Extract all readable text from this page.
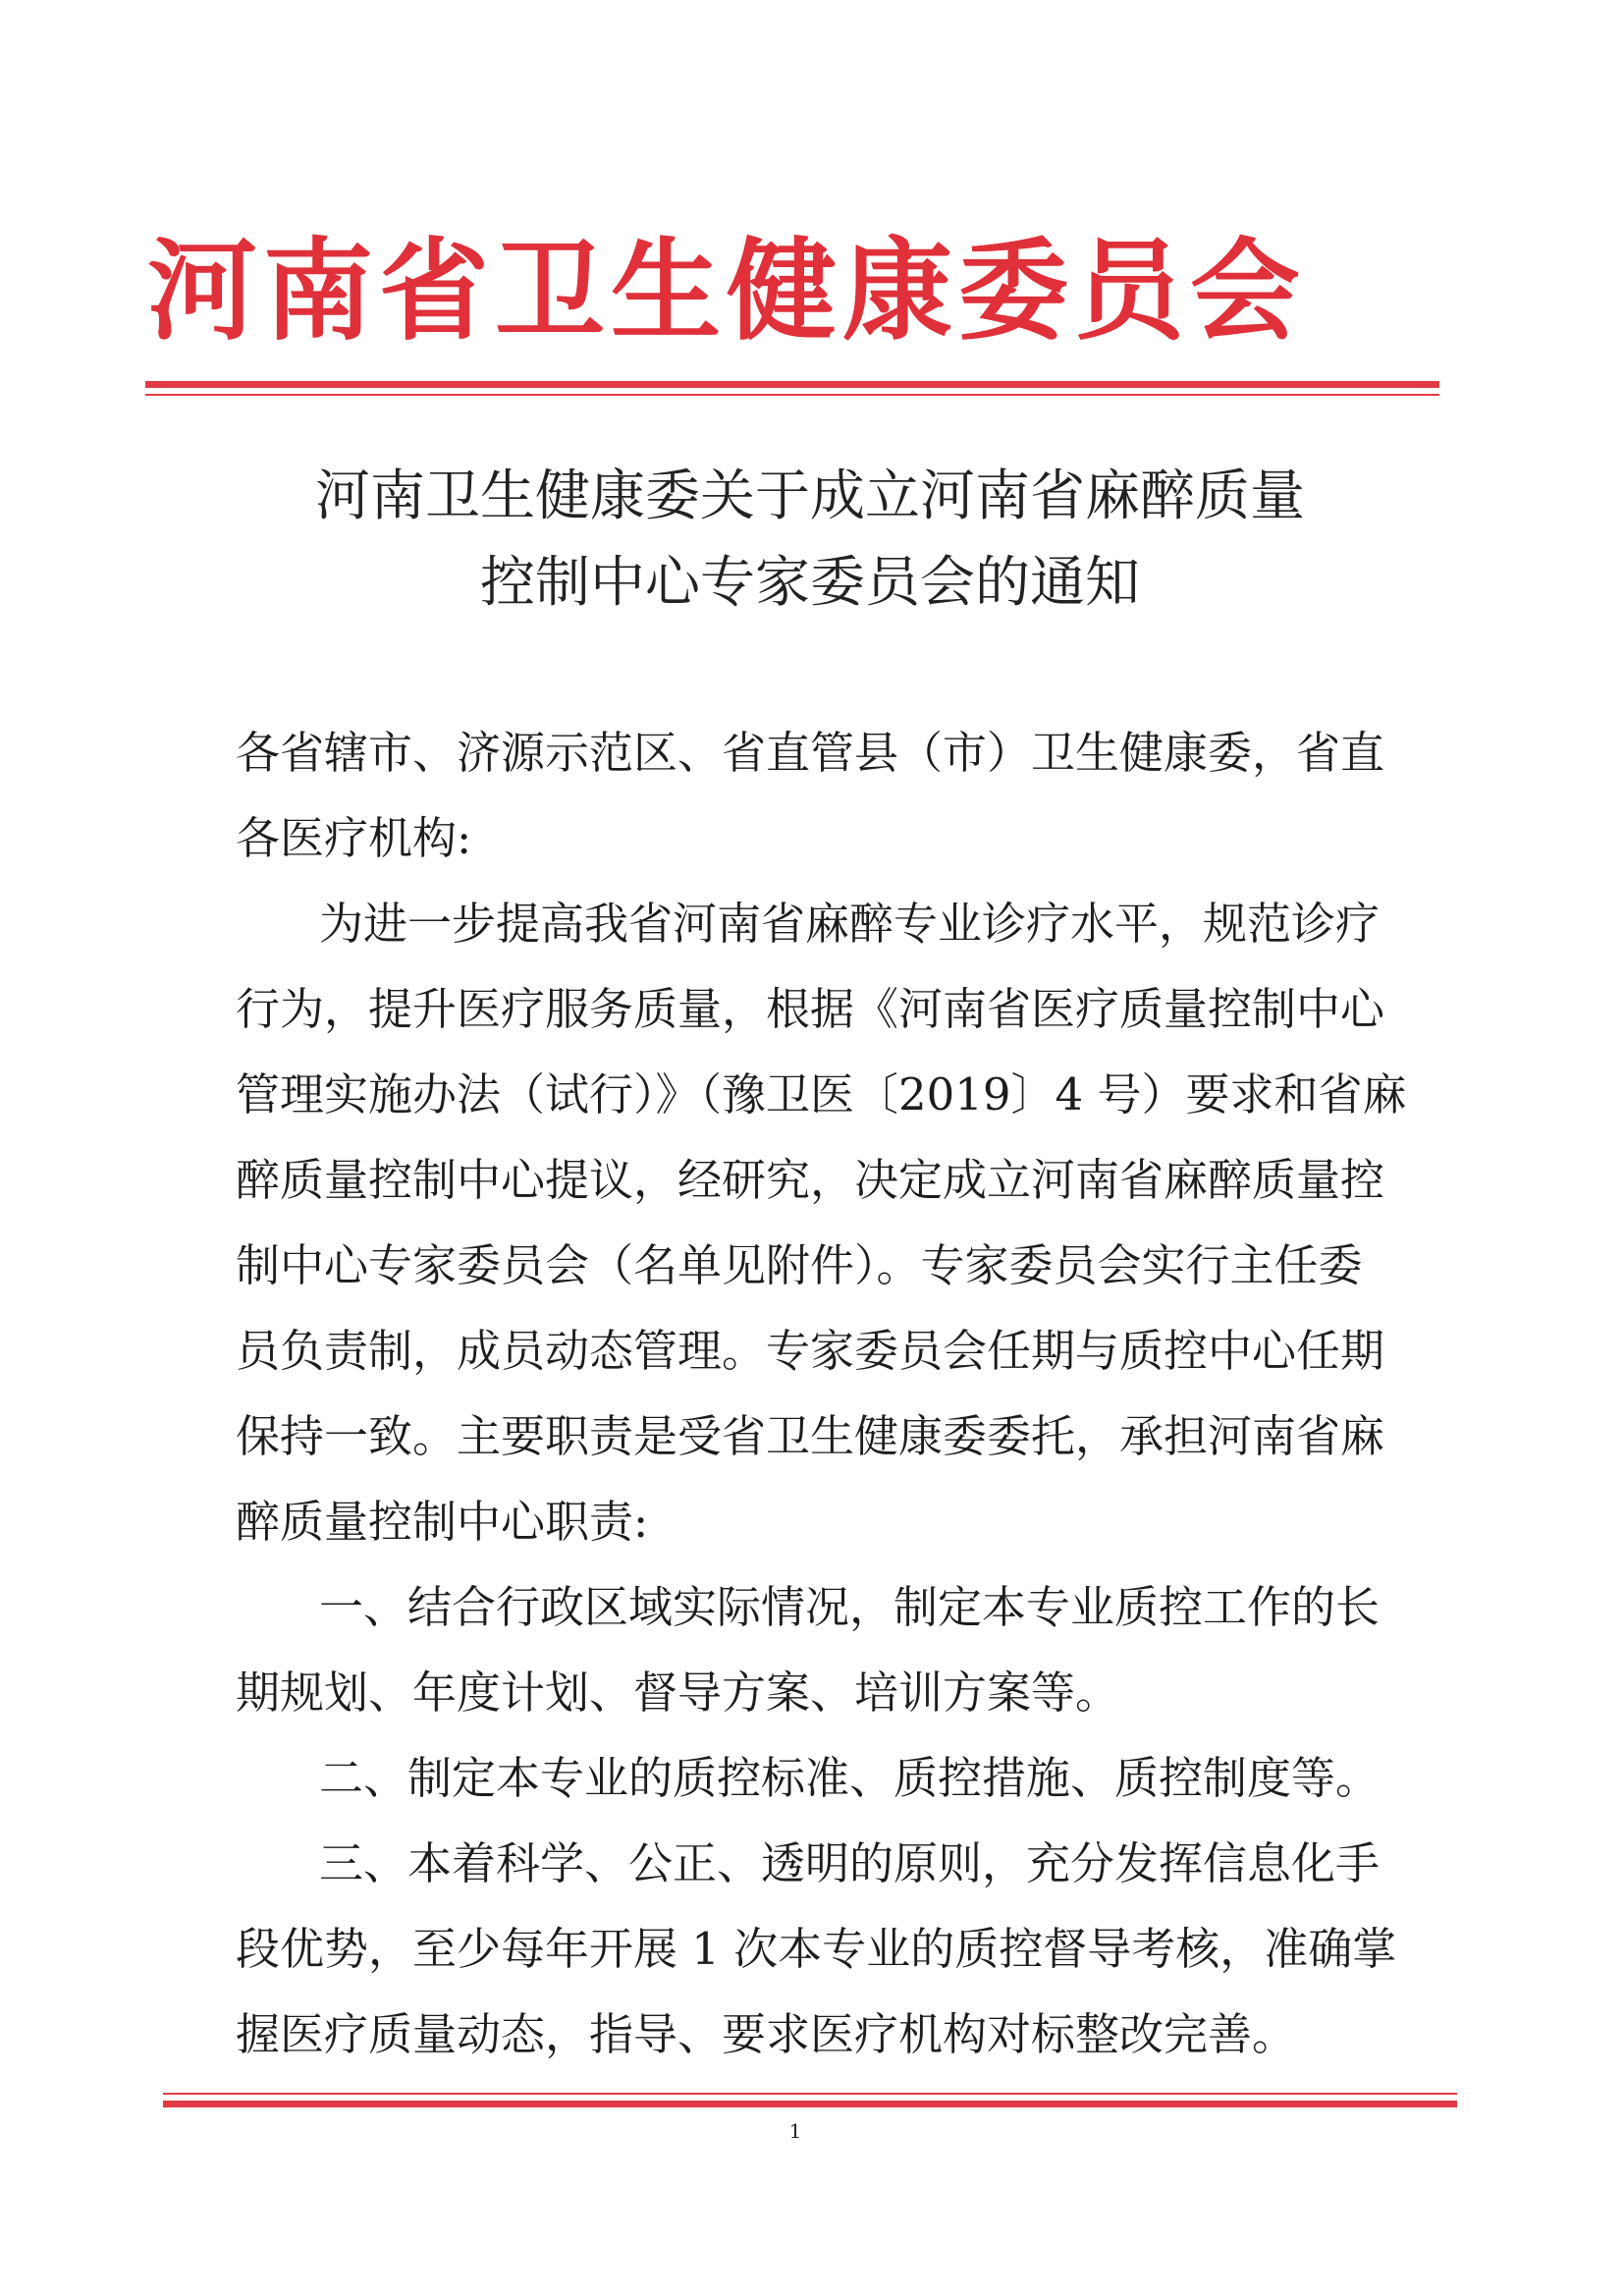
河南省卫生健康委员会
河南卫生健康委关于成立河南省麻醉质量
控制中心专家委员会的通知

各省辖市、济源示范区、省直管县（市）卫生健康委，省直

各医疗机构:

为进一步提高我省河南省麻醉专业诊疗水平，规范诊疗

行为，提升医疗服务质量，根据《河南省医疗质量控制中心

管理实施办法（试行）》（豫卫医〔2019〕4 号）要求和省麻

醉质量控制中心提议，经研究，决定成立河南省麻醉质量控

制中心专家委员会（名单见附件）。专家委员会实行主任委

员负责制，成员动态管理。专家委员会任期与质控中心任期

保持一致。主要职责是受省卫生健康委委托，承担河南省麻

醉质量控制中心职责:

一、结合行政区域实际情况，制定本专业质控工作的长

期规划、年度计划、督导方案、培训方案等。

二、制定本专业的质控标准、质控措施、质控制度等。

三、本着科学、公正、透明的原则，充分发挥信息化手

段优势，至少每年开展 1 次本专业的质控督导考核，准确掌

握医疗质量动态，指导、要求医疗机构对标整改完善。

1
